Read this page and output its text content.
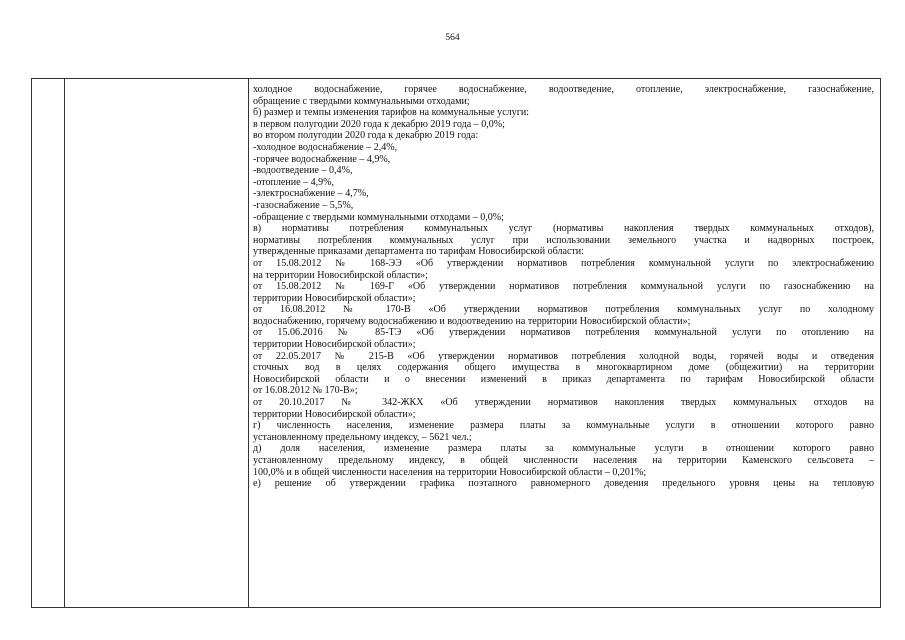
564

холодное водоснабжение, горячее водоснабжение, водоотведение, отопление, электроснабжение, газоснабжение,
обращение с твердыми коммунальными отходами;
б) размер и темпы изменения тарифов на коммунальные услуги:
в первом полугодии 2020 года к декабрю 2019 года – 0,0%;
во втором полугодии 2020 года к декабрю 2019 года:
-холодное водоснабжение – 2,4%,
-горячее водоснабжение – 4,9%,
-водоотведение – 0,4%,
-отопление – 4,9%,
-электроснабжение – 4,7%,
-газоснабжение – 5,5%,
-обращение с твердыми коммунальными отходами – 0,0%;
в) нормативы потребления коммунальных услуг (нормативы накопления твердых коммунальных отходов),
нормативы потребления коммунальных услуг при использовании земельного участка и надворных построек,
утвержденные приказами департамента по тарифам Новосибирской области:
от 15.08.2012 № 168-ЭЭ «Об утверждении нормативов потребления коммунальной услуги по электроснабжению
на территории Новосибирской области»;
от 15.08.2012 № 169-Г «Об утверждении нормативов потребления коммунальной услуги по газоснабжению на
территории Новосибирской области»;
от 16.08.2012 № 170-В «Об утверждении нормативов потребления коммунальных услуг по холодному
водоснабжению, горячему водоснабжению и водоотведению на территории Новосибирской области»;
от 15.06.2016 № 85-ТЭ «Об утверждении нормативов потребления коммунальной услуги по отоплению на
территории Новосибирской области»;
от 22.05.2017 № 215-В «Об утверждении нормативов потребления холодной воды, горячей воды и отведения
сточных вод в целях содержания общего имущества в многоквартирном доме (общежитии) на территории
Новосибирской области и о внесении изменений в приказ департамента по тарифам Новосибирской области
от 16.08.2012 № 170-В»;
от 20.10.2017 № 342-ЖКХ «Об утверждении нормативов накопления твердых коммунальных отходов на
территории Новосибирской области»;
г) численность населения, изменение размера платы за коммунальные услуги в отношении которого равно
установленному предельному индексу, – 5621 чел.;
д) доля населения, изменение размера платы за коммунальные услуги в отношении которого равно
установленному предельному индексу, в общей численности населения на территории Каменского сельсовета –
100,0% и в общей численности населения на территории Новосибирской области – 0,201%;
е) решение об утверждении графика поэтапного равномерного доведения предельного уровня цены на тепловую
